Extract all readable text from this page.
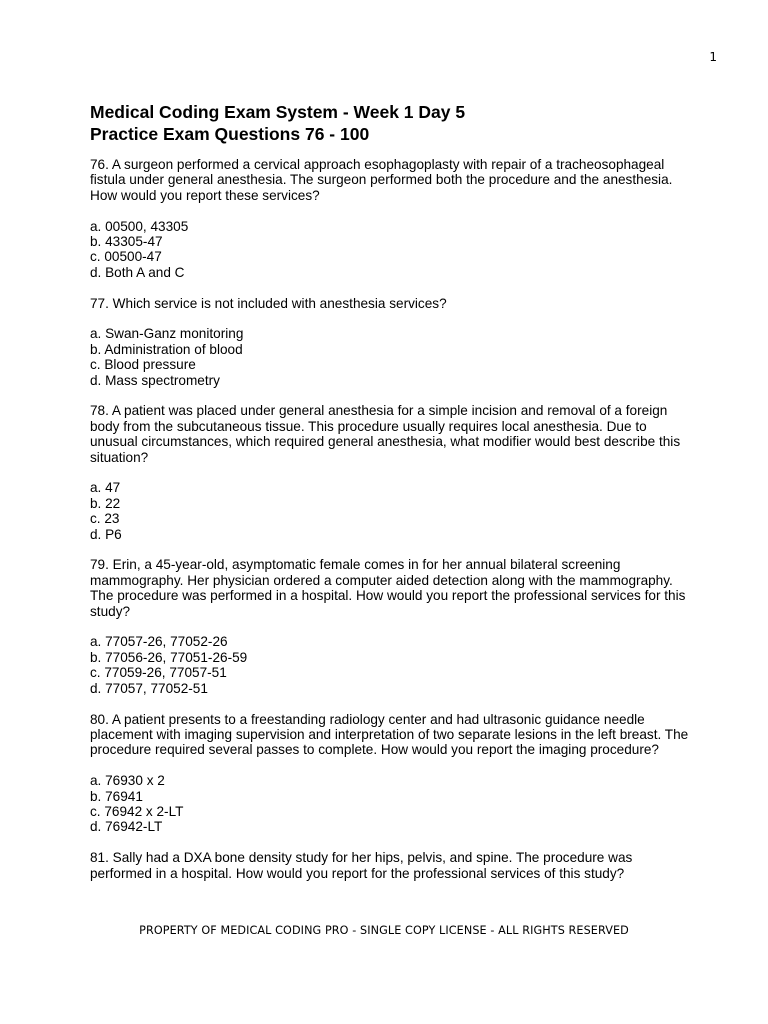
1
Medical Coding Exam System - Week 1 Day 5
Practice Exam Questions 76 - 100

76. A surgeon performed a cervical approach esophagoplasty with repair of a tracheosophageal
fistula under general anesthesia. The surgeon performed both the procedure and the anesthesia.
How would you report these services?

a. 00500, 43305
b. 43305-47
c. 00500-47
d. Both A and C

77. Which service is not included with anesthesia services?

a. Swan-Ganz monitoring
b. Administration of blood
c. Blood pressure
d. Mass spectrometry

78. A patient was placed under general anesthesia for a simple incision and removal of a foreign
body from the subcutaneous tissue. This procedure usually requires local anesthesia. Due to
unusual circumstances, which required general anesthesia, what modifier would best describe this
situation?

a. 47
b. 22
c. 23
d. P6

79. Erin, a 45-year-old, asymptomatic female comes in for her annual bilateral screening
mammography. Her physician ordered a computer aided detection along with the mammography.
The procedure was performed in a hospital. How would you report the professional services for this
study?

a. 77057-26, 77052-26
b. 77056-26, 77051-26-59
c. 77059-26, 77057-51
d. 77057, 77052-51

80. A patient presents to a freestanding radiology center and had ultrasonic guidance needle
placement with imaging supervision and interpretation of two separate lesions in the left breast. The
procedure required several passes to complete. How would you report the imaging procedure?

a. 76930 x 2
b. 76941
c. 76942 x 2-LT
d. 76942-LT

81. Sally had a DXA bone density study for her hips, pelvis, and spine. The procedure was
performed in a hospital. How would you report for the professional services of this study?

PROPERTY OF MEDICAL CODING PRO - SINGLE COPY LICENSE - ALL RIGHTS RESERVED
